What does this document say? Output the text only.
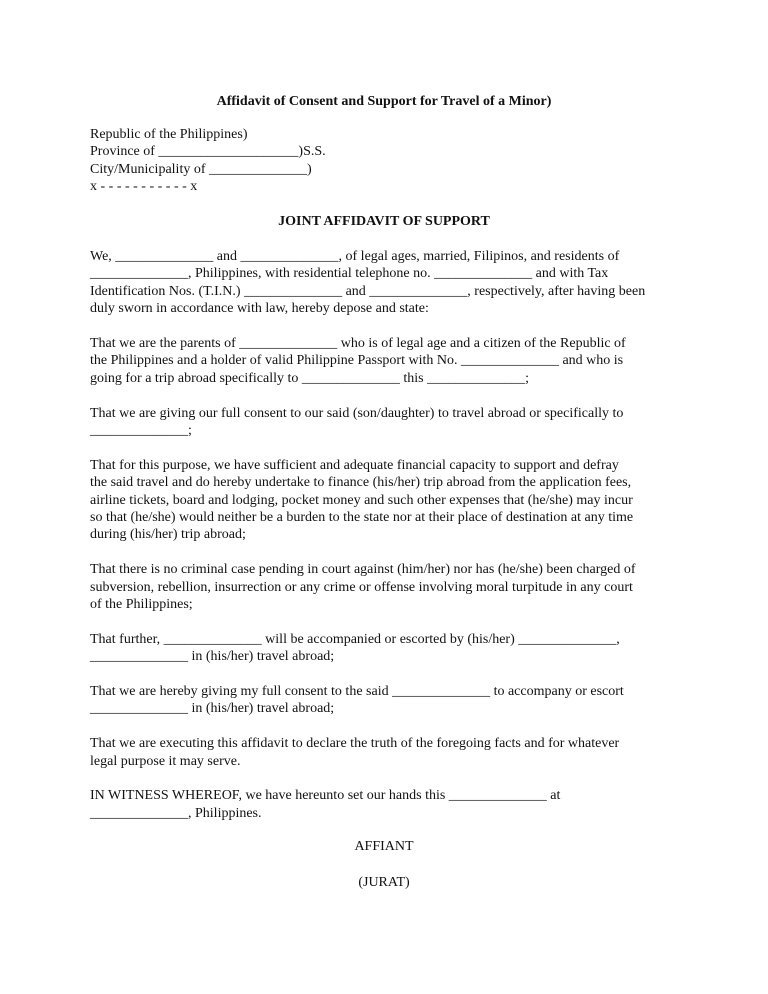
Affidavit of Consent and Support for Travel of a Minor)
Republic of the Philippines)
Province of ____________________)S.S.
City/Municipality of ______________)
x - - - - - - - - - - - x
JOINT AFFIDAVIT OF SUPPORT

We, ______________ and ______________, of legal ages, married, Filipinos, and residents of
______________, Philippines, with residential telephone no. ______________ and with Tax
Identification Nos. (T.I.N.) ______________ and ______________, respectively, after having been
duly sworn in accordance with law, hereby depose and state:

That we are the parents of ______________ who is of legal age and a citizen of the Republic of
the Philippines and a holder of valid Philippine Passport with No. ______________ and who is
going for a trip abroad specifically to ______________ this ______________;

That we are giving our full consent to our said (son/daughter) to travel abroad or specifically to
______________;

That for this purpose, we have sufficient and adequate financial capacity to support and defray
the said travel and do hereby undertake to finance (his/her) trip abroad from the application fees,
airline tickets, board and lodging, pocket money and such other expenses that (he/she) may incur
so that (he/she) would neither be a burden to the state nor at their place of destination at any time
during (his/her) trip abroad;

That there is no criminal case pending in court against (him/her) nor has (he/she) been charged of
subversion, rebellion, insurrection or any crime or offense involving moral turpitude in any court
of the Philippines;

That further, ______________ will be accompanied or escorted by (his/her) ______________,
______________ in (his/her) travel abroad;

That we are hereby giving my full consent to the said ______________ to accompany or escort
______________ in (his/her) travel abroad;

That we are executing this affidavit to declare the truth of the foregoing facts and for whatever
legal purpose it may serve.

IN WITNESS WHEREOF, we have hereunto set our hands this ______________ at
______________, Philippines.

AFFIANT
(JURAT)
